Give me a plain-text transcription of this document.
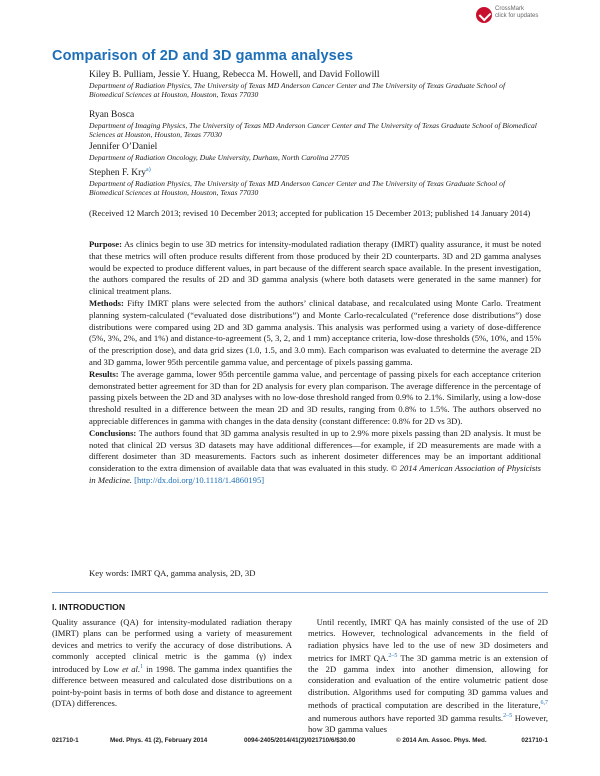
CrossMark
click for updates
Comparison of 2D and 3D gamma analyses
Kiley B. Pulliam, Jessie Y. Huang, Rebecca M. Howell, and David Followill
Department of Radiation Physics, The University of Texas MD Anderson Cancer Center and The University of Texas Graduate School of Biomedical Sciences at Houston, Houston, Texas 77030
Ryan Bosca
Department of Imaging Physics, The University of Texas MD Anderson Cancer Center and The University of Texas Graduate School of Biomedical Sciences at Houston, Houston, Texas 77030
Jennifer O’Daniel
Department of Radiation Oncology, Duke University, Durham, North Carolina 27705
Stephen F. Kry$^{a)}$
Department of Radiation Physics, The University of Texas MD Anderson Cancer Center and The University of Texas Graduate School of Biomedical Sciences at Houston, Houston, Texas 77030
(Received 12 March 2013; revised 10 December 2013; accepted for publication 15 December 2013; published 14 January 2014)
Purpose: As clinics begin to use 3D metrics for intensity-modulated radiation therapy (IMRT) quality assurance, it must be noted that these metrics will often produce results different from those produced by their 2D counterparts. 3D and 2D gamma analyses would be expected to produce different values, in part because of the different search space available. In the present investigation, the authors compared the results of 2D and 3D gamma analysis (where both datasets were generated in the same manner) for clinical treatment plans.
Methods: Fifty IMRT plans were selected from the authors’ clinical database, and recalculated using Monte Carlo. Treatment planning system-calculated (“evaluated dose distributions”) and Monte Carlo-recalculated (“reference dose distributions”) dose distributions were compared using 2D and 3D gamma analysis. This analysis was performed using a variety of dose-difference (5%, 3%, 2%, and 1%) and distance-to-agreement (5, 3, 2, and 1 mm) acceptance criteria, low-dose thresholds (5%, 10%, and 15% of the prescription dose), and data grid sizes (1.0, 1.5, and 3.0 mm). Each comparison was evaluated to determine the average 2D and 3D gamma, lower 95th percentile gamma value, and percentage of pixels passing gamma.
Results: The average gamma, lower 95th percentile gamma value, and percentage of passing pixels for each acceptance criterion demonstrated better agreement for 3D than for 2D analysis for every plan comparison. The average difference in the percentage of passing pixels between the 2D and 3D analyses with no low-dose threshold ranged from 0.9% to 2.1%. Similarly, using a low-dose threshold resulted in a difference between the mean 2D and 3D results, ranging from 0.8% to 1.5%. The authors observed no appreciable differences in gamma with changes in the data density (constant difference: 0.8% for 2D vs 3D).
Conclusions: The authors found that 3D gamma analysis resulted in up to 2.9% more pixels passing than 2D analysis. It must be noted that clinical 2D versus 3D datasets may have additional differences—for example, if 2D measurements are made with a different dosimeter than 3D measurements. Factors such as inherent dosimeter differences may be an important additional consideration to the extra dimension of available data that was evaluated in this study. © 2014 American Association of Physicists in Medicine. [http://dx.doi.org/10.1118/1.4860195]
Key words: IMRT QA, gamma analysis, 2D, 3D
I. INTRODUCTION
Quality assurance (QA) for intensity-modulated radiation therapy (IMRT) plans can be performed using a variety of measurement devices and metrics to verify the accuracy of dose distributions. A commonly accepted clinical metric is the gamma (γ) index introduced by Low et al.$^1$ in 1998. The gamma index quantifies the difference between measured and calculated dose distributions on a point-by-point basis in terms of both dose and distance to agreement (DTA) differences.
 Until recently, IMRT QA has mainly consisted of the use of 2D metrics. However, technological advancements in the field of radiation physics have led to the use of new 3D dosimeters and metrics for IMRT QA.$^{2-5}$ The 3D gamma metric is an extension of the 2D gamma index into another dimension, allowing for consideration and evaluation of the entire volumetric patient dose distribution. Algorithms used for computing 3D gamma values and methods of practical computation are described in the literature,$^{6,7}$ and numerous authors have reported 3D gamma results.$^{2-5}$ However, how 3D gamma values
021710-1	Med. Phys. 41 (2), February 2014	0094-2405/2014/41(2)/021710/6/$30.00	© 2014 Am. Assoc. Phys. Med.	021710-1
